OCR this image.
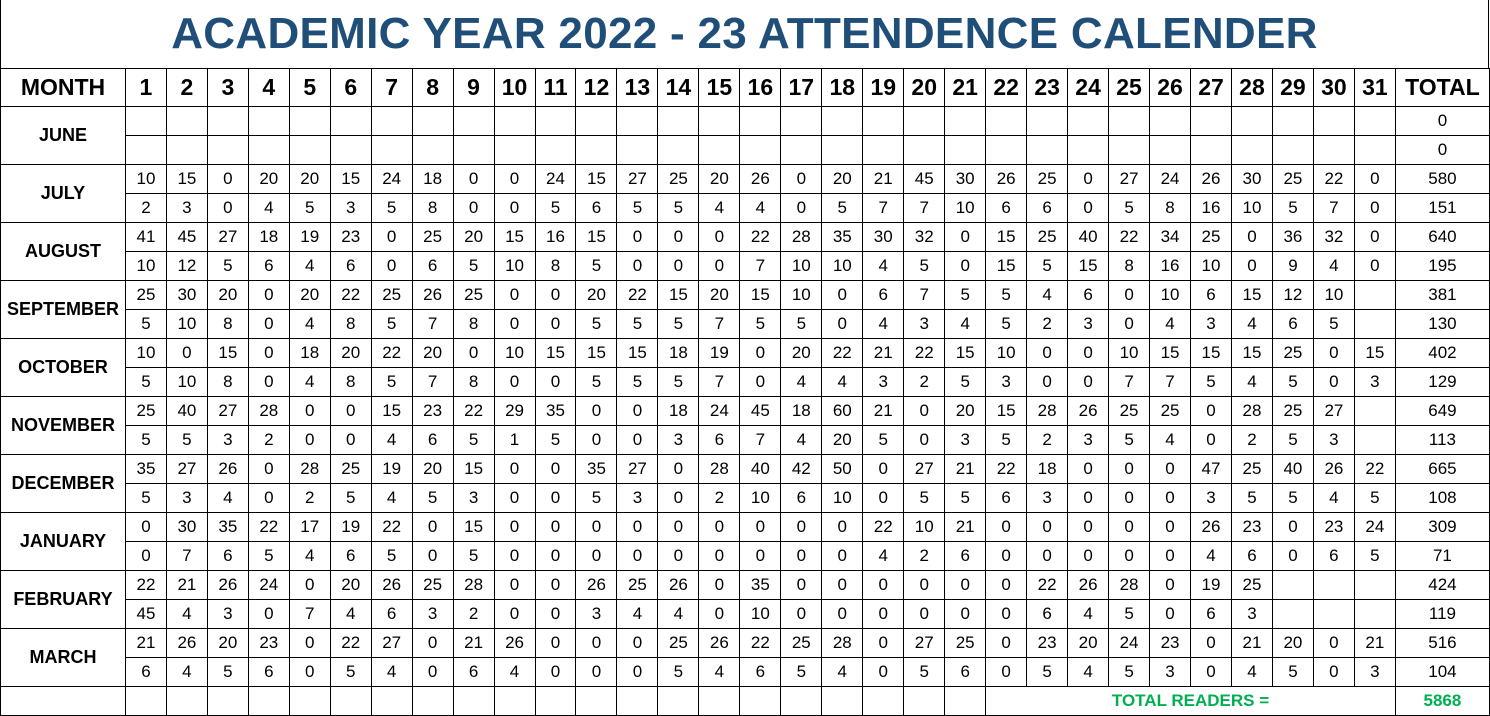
ACADEMIC YEAR 2022 - 23 ATTENDENCE CALENDER
MONTH	1	2	3	4	5	6	7	8	9	10	11	12	13	14	15	16	17	18	19	20	21	22	23	24	25	26	27	28	29	30	31	TOTAL
JUNE																																0
																																0
JULY	10	15	0	20	20	15	24	18	0	0	24	15	27	25	20	26	0	20	21	45	30	26	25	0	27	24	26	30	25	22	0	580
	2	3	0	4	5	3	5	8	0	0	5	6	5	5	4	4	0	5	7	7	10	6	6	0	5	8	16	10	5	7	0	151
AUGUST	41	45	27	18	19	23	0	25	20	15	16	15	0	0	0	22	28	35	30	32	0	15	25	40	22	34	25	0	36	32	0	640
	10	12	5	6	4	6	0	6	5	10	8	5	0	0	0	7	10	10	4	5	0	15	5	15	8	16	10	0	9	4	0	195
SEPTEMBER	25	30	20	0	20	22	25	26	25	0	0	20	22	15	20	15	10	0	6	7	5	5	4	6	0	10	6	15	12	10		381
	5	10	8	0	4	8	5	7	8	0	0	5	5	5	7	5	5	0	4	3	4	5	2	3	0	4	3	4	6	5		130
OCTOBER	10	0	15	0	18	20	22	20	0	10	15	15	15	18	19	0	20	22	21	22	15	10	0	0	10	15	15	15	25	0	15	402
	5	10	8	0	4	8	5	7	8	0	0	5	5	5	7	0	4	4	3	2	5	3	0	0	7	7	5	4	5	0	3	129
NOVEMBER	25	40	27	28	0	0	15	23	22	29	35	0	0	18	24	45	18	60	21	0	20	15	28	26	25	25	0	28	25	27		649
	5	5	3	2	0	0	4	6	5	1	5	0	0	3	6	7	4	20	5	0	3	5	2	3	5	4	0	2	5	3		113
DECEMBER	35	27	26	0	28	25	19	20	15	0	0	35	27	0	28	40	42	50	0	27	21	22	18	0	0	0	47	25	40	26	22	665
	5	3	4	0	2	5	4	5	3	0	0	5	3	0	2	10	6	10	0	5	5	6	3	0	0	0	3	5	5	4	5	108
JANUARY	0	30	35	22	17	19	22	0	15	0	0	0	0	0	0	0	0	0	22	10	21	0	0	0	0	0	26	23	0	23	24	309
	0	7	6	5	4	6	5	0	5	0	0	0	0	0	0	0	0	0	4	2	6	0	0	0	0	0	4	6	0	6	5	71
FEBRUARY	22	21	26	24	0	20	26	25	28	0	0	26	25	26	0	35	0	0	0	0	0	0	22	26	28	0	19	25				424
	45	4	3	0	7	4	6	3	2	0	0	3	4	4	0	10	0	0	0	0	0	0	6	4	5	0	6	3				119
MARCH	21	26	20	23	0	22	27	0	21	26	0	0	0	25	26	22	25	28	0	27	25	0	23	20	24	23	0	21	20	0	21	516
	6	4	5	6	0	5	4	0	6	4	0	0	0	5	4	6	5	4	0	5	6	0	5	4	5	3	0	4	5	0	3	104
																						TOTAL READERS =										5868
